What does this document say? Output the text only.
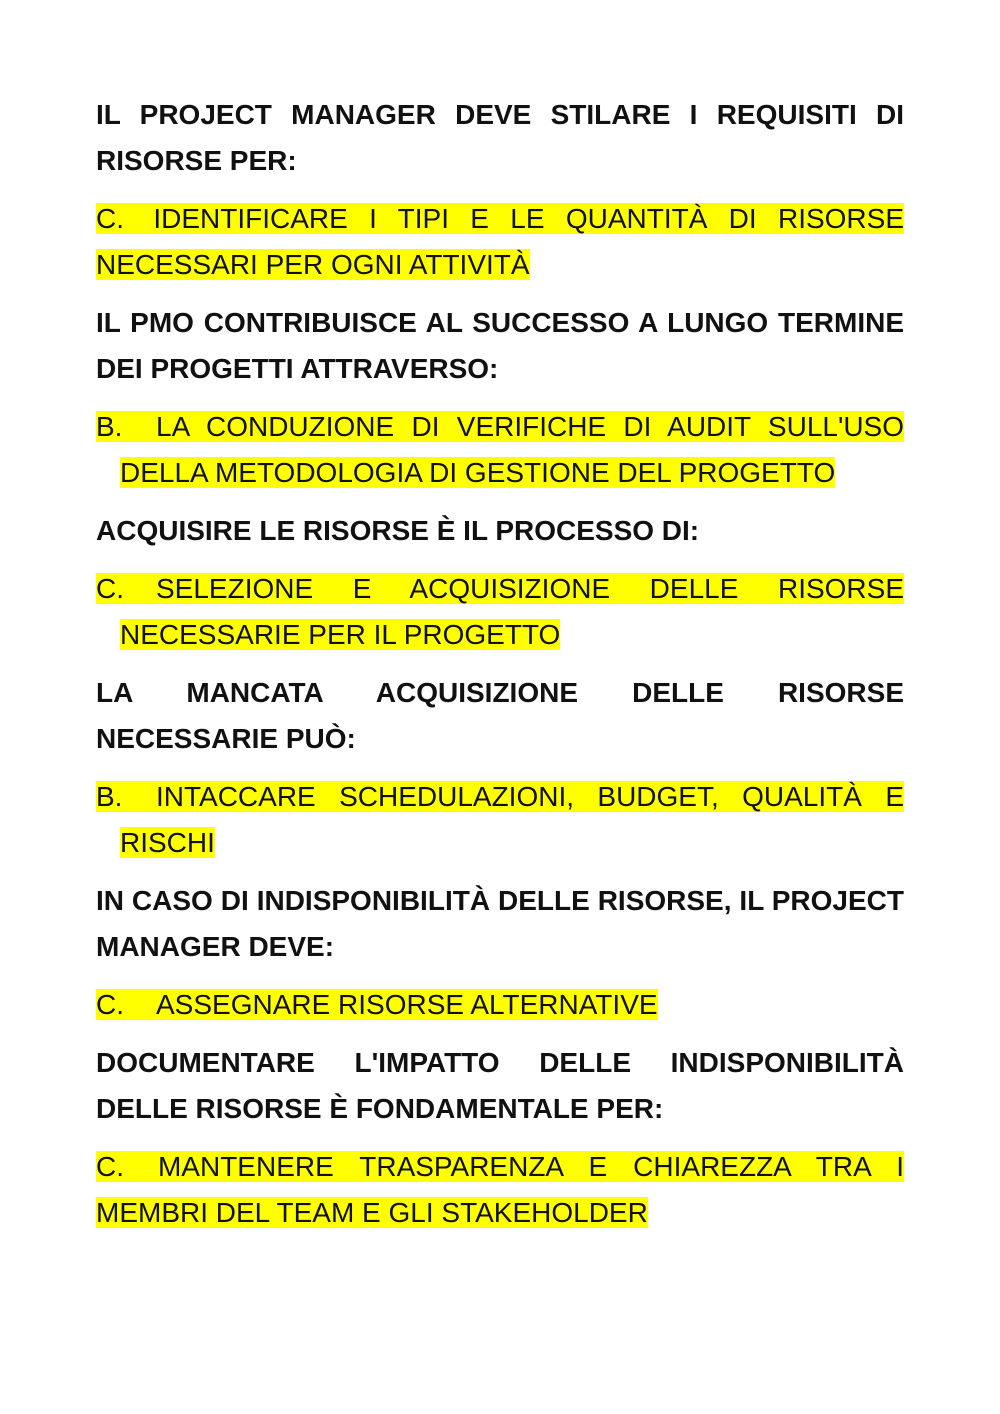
IL PROJECT MANAGER DEVE STILARE I REQUISITI DI RISORSE PER:

C. IDENTIFICARE I TIPI E LE QUANTITÀ DI RISORSE NECESSARI PER OGNI ATTIVITÀ

IL PMO CONTRIBUISCE AL SUCCESSO A LUNGO TERMINE DEI PROGETTI ATTRAVERSO:

B. LA CONDUZIONE DI VERIFICHE DI AUDIT SULL'USO DELLA METODOLOGIA DI GESTIONE DEL PROGETTO

ACQUISIRE LE RISORSE È IL PROCESSO DI:

C. SELEZIONE E ACQUISIZIONE DELLE RISORSE NECESSARIE PER IL PROGETTO

LA MANCATA ACQUISIZIONE DELLE RISORSE NECESSARIE PUÒ:

B. INTACCARE SCHEDULAZIONI, BUDGET, QUALITÀ E RISCHI

IN CASO DI INDISPONIBILITÀ DELLE RISORSE, IL PROJECT MANAGER DEVE:

C. ASSEGNARE RISORSE ALTERNATIVE

DOCUMENTARE L'IMPATTO DELLE INDISPONIBILITÀ DELLE RISORSE È FONDAMENTALE PER:

C. MANTENERE TRASPARENZA E CHIAREZZA TRA I MEMBRI DEL TEAM E GLI STAKEHOLDER
